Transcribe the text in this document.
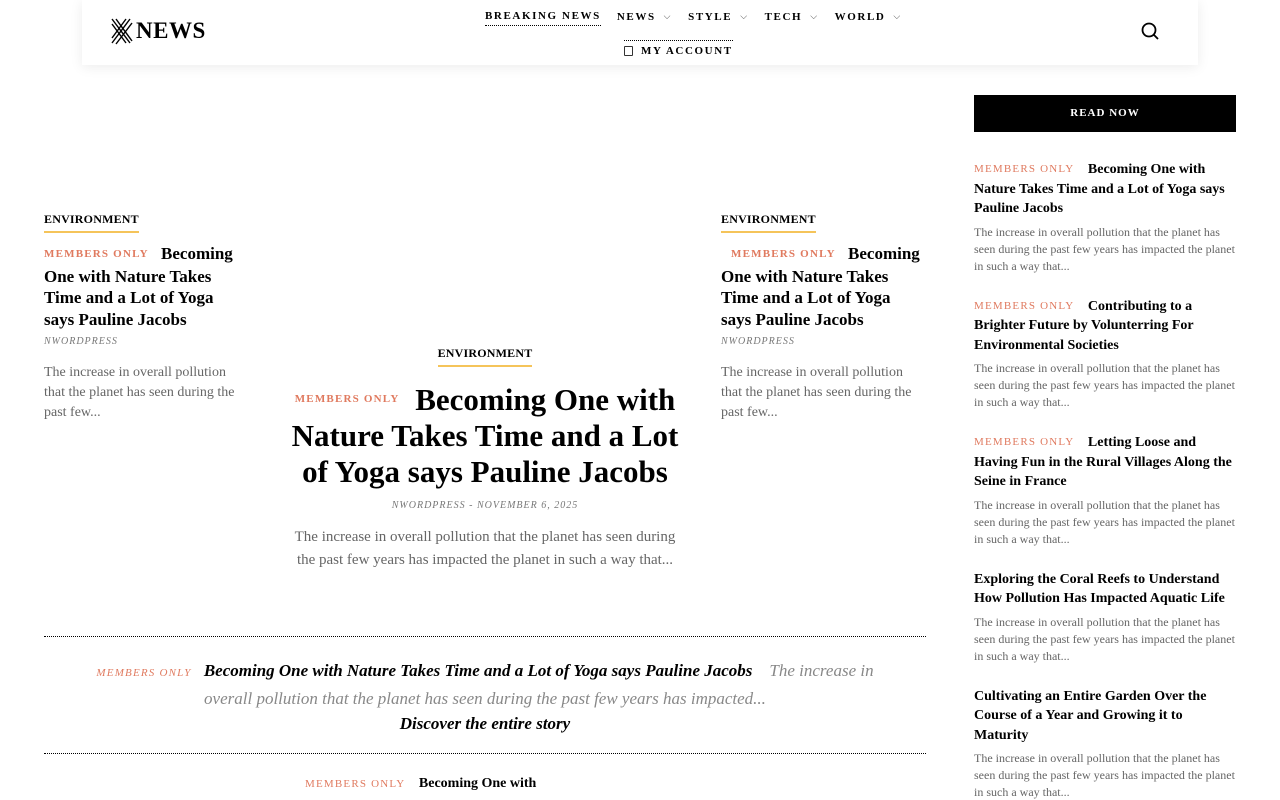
NEWS
BREAKING NEWS NEWS ⌵ STYLE ⌵ TECH ⌵ WORLD ⌵
MY ACCOUNT
ENVIRONMENT
MEMBERS ONLY Becoming One with Nature Takes Time and a Lot of Yoga says Pauline Jacobs
NWORDPRESS
The increase in overall pollution that the planet has seen during the past few...
ENVIRONMENT
$^{MEMBERS ONLY}$ Becoming One with Nature Takes Time and a Lot of Yoga says Pauline Jacobs
NWORDPRESS - NOVEMBER 6, 2025
The increase in overall pollution that the planet has seen during the past few years has impacted the planet in such a way that...
ENVIRONMENT
MEMBERS ONLY Becoming One with Nature Takes Time and a Lot of Yoga says Pauline Jacobs
NWORDPRESS
The increase in overall pollution that the planet has seen during the past few...
MEMBERS ONLY Becoming One with Nature Takes Time and a Lot of Yoga says Pauline Jacobs The increase in overall pollution that the planet has seen during the past few years has impacted...
Discover the entire story
MEMBERS ONLY Becoming One with
READ NOW
MEMBERS ONLY Becoming One with Nature Takes Time and a Lot of Yoga says Pauline Jacobs
The increase in overall pollution that the planet has seen during the past few years has impacted the planet in such a way that...
MEMBERS ONLY Contributing to a Brighter Future by Volunterring For Environmental Societies
The increase in overall pollution that the planet has seen during the past few years has impacted the planet in such a way that...
MEMBERS ONLY Letting Loose and Having Fun in the Rural Villages Along the Seine in France
The increase in overall pollution that the planet has seen during the past few years has impacted the planet in such a way that...
Exploring the Coral Reefs to Understand How Pollution Has Impacted Aquatic Life
The increase in overall pollution that the planet has seen during the past few years has impacted the planet in such a way that...
Cultivating an Entire Garden Over the Course of a Year and Growing it to Maturity
The increase in overall pollution that the planet has seen during the past few years has impacted the planet in such a way that...
